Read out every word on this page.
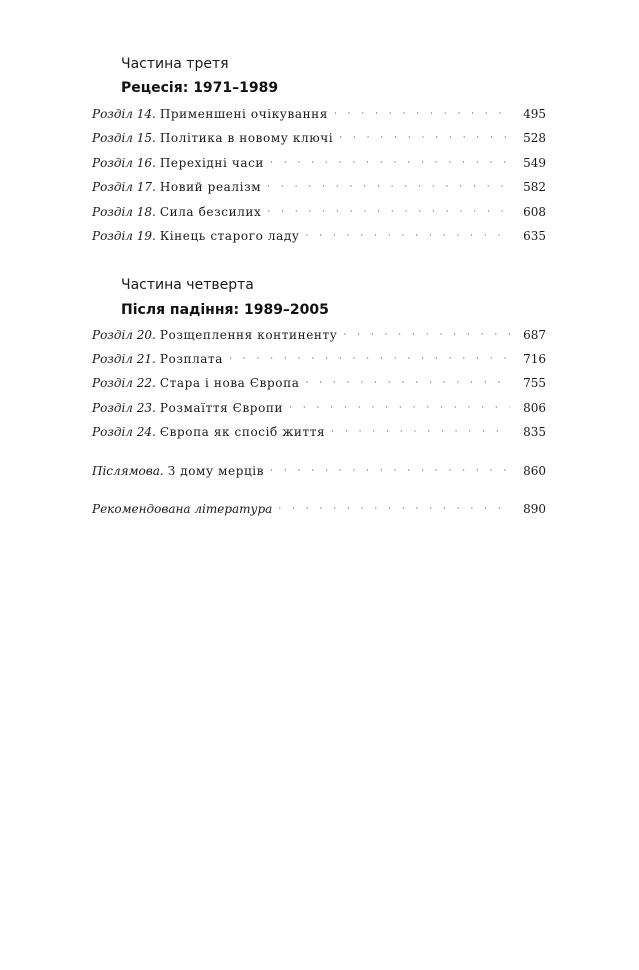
Частина третя
Рецесія: 1971–1989
Розділ 14. Применшені очікування · · ·	495
Розділ 15. Політика в новому ключі · · ·	528
Розділ 16. Перехідні часи · · ·	549
Розділ 17. Новий реалізм · · ·	582
Розділ 18. Сила безсилих · · ·	608
Розділ 19. Кінець старого ладу · · ·	635
Частина четверта
Після падіння: 1989–2005
Розділ 20. Розщеплення континенту · · ·	687
Розділ 21. Розплата · · ·	716
Розділ 22. Стара і нова Європа · · ·	755
Розділ 23. Розмаїття Європи · · ·	806
Розділ 24. Європа як спосіб життя · · ·	835
Післямова. З дому мерців · · ·	860
Рекомендована література · · ·	890
